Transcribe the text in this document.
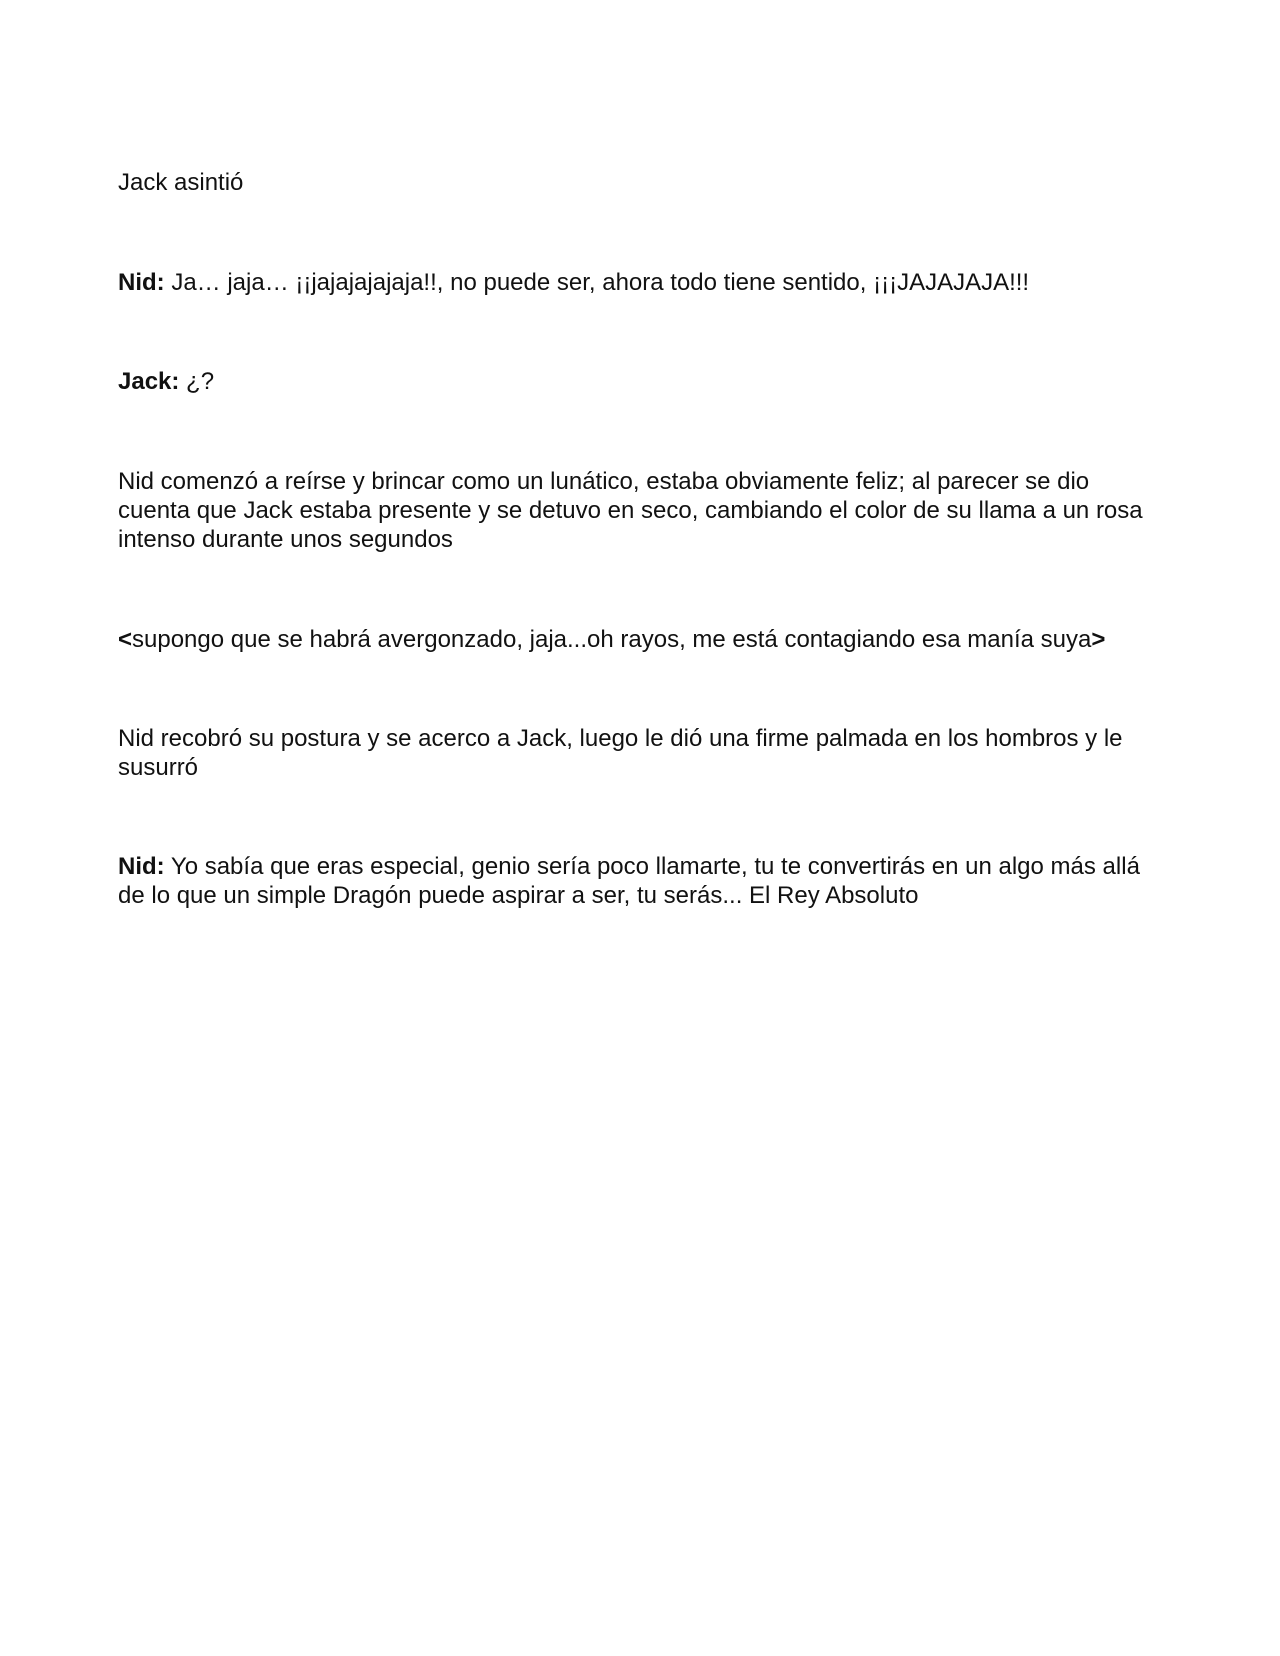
Jack asintió

Nid: Ja… jaja… ¡¡jajajajajaja!!, no puede ser, ahora todo tiene sentido, ¡¡¡JAJAJAJA!!!

Jack: ¿?

Nid comenzó a reírse y brincar como un lunático, estaba obviamente feliz; al parecer se dio cuenta que Jack estaba presente y se detuvo en seco, cambiando el color de su llama a un rosa intenso durante unos segundos

<supongo que se habrá avergonzado, jaja...oh rayos, me está contagiando esa manía suya>

Nid recobró su postura y se acerco a Jack, luego le dió una firme palmada en los hombros y le susurró

Nid: Yo sabía que eras especial, genio sería poco llamarte, tu te convertirás en un algo más allá de lo que un simple Dragón puede aspirar a ser, tu serás... El Rey Absoluto
